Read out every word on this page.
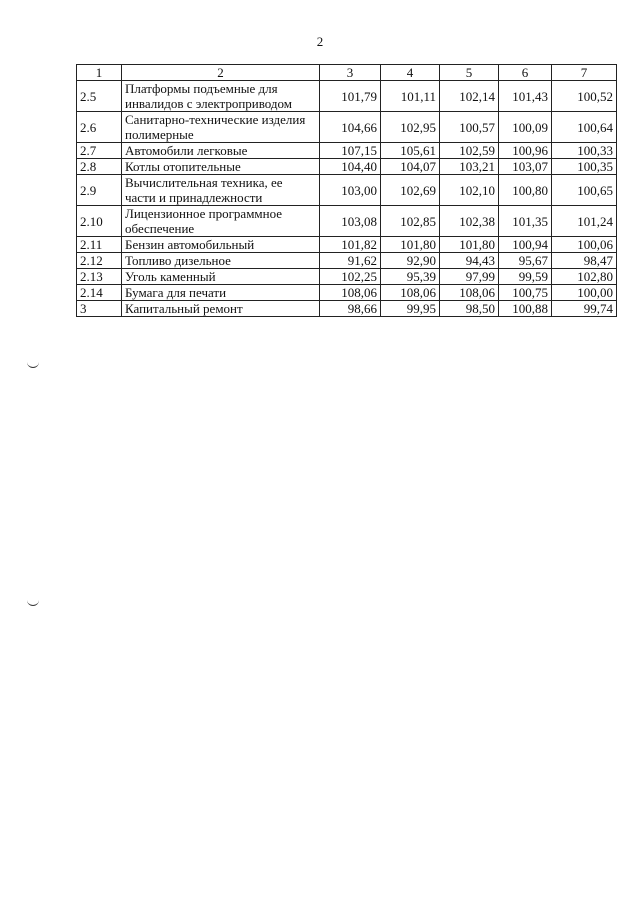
2
1	2	3	4	5	6	7
2.5	Платформы подъемные для инвалидов с электроприводом	101,79	101,11	102,14	101,43	100,52
2.6	Санитарно-технические изделия полимерные	104,66	102,95	100,57	100,09	100,64
2.7	Автомобили легковые	107,15	105,61	102,59	100,96	100,33
2.8	Котлы отопительные	104,40	104,07	103,21	103,07	100,35
2.9	Вычислительная техника, ее части и принадлежности	103,00	102,69	102,10	100,80	100,65
2.10	Лицензионное программное обеспечение	103,08	102,85	102,38	101,35	101,24
2.11	Бензин автомобильный	101,82	101,80	101,80	100,94	100,06
2.12	Топливо дизельное	91,62	92,90	94,43	95,67	98,47
2.13	Уголь каменный	102,25	95,39	97,99	99,59	102,80
2.14	Бумага для печати	108,06	108,06	108,06	100,75	100,00
3	Капитальный ремонт	98,66	99,95	98,50	100,88	99,74
